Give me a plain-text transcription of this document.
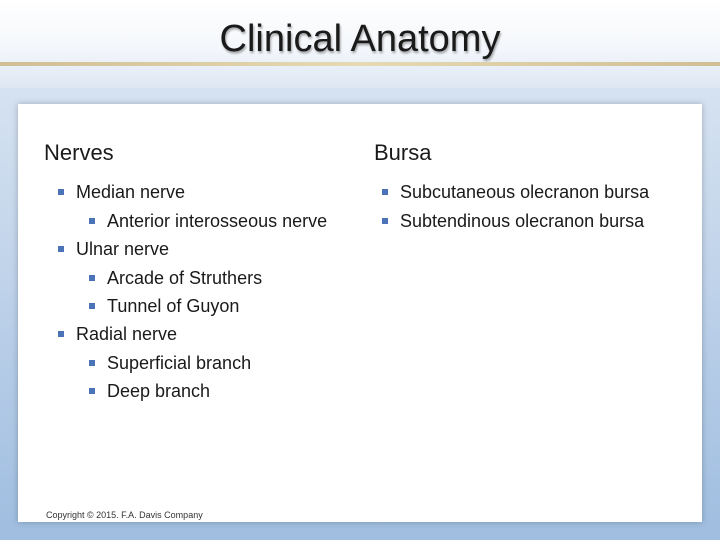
Clinical Anatomy
Nerves
Median nerve
Anterior interosseous nerve
Ulnar nerve
Arcade of Struthers
Tunnel of Guyon
Radial nerve
Superficial branch
Deep branch
Bursa
Subcutaneous olecranon bursa
Subtendinous olecranon bursa
Copyright © 2015. F.A. Davis Company
